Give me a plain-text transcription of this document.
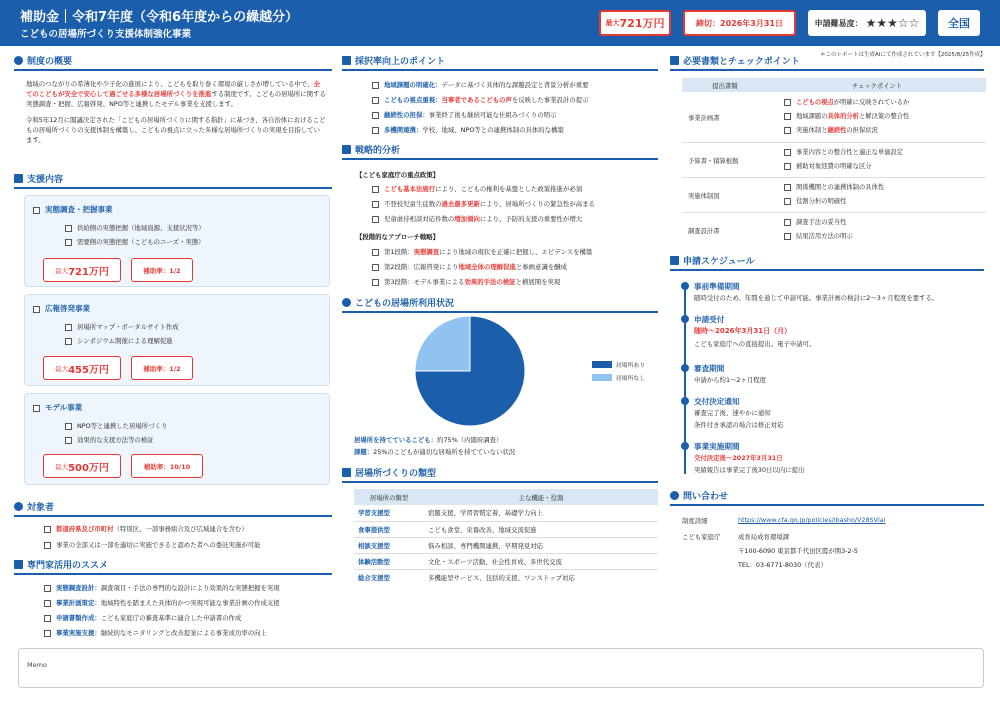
補助金｜令和7年度（令和6年度からの繰越分）
こどもの居場所づくり支援体制強化事業
最大 721万円	締切：2026年3月31日	申請難易度： ★★★☆☆	全国
＊このレポートは生成AIにて作成されています【2025/8/25作成】
制度の概要
地域のつながりの希薄化や少子化の進展により、こどもを取り巻く環境の厳しさが増している中で、全てのこどもが安全で安心して過ごせる多様な居場所づくりを推進する制度です。こどもの居場所に関する実態調査・把握、広報啓発、NPO等と連携したモデル事業を支援します。
令和5年12月に閣議決定された「こどもの居場所づくりに関する指針」に基づき、各自治体におけるこどもの居場所づくりの支援体制を構築し、こどもの視点に立った多様な居場所づくりの実現を目指しています。
支援内容
実態調査・把握事業
供給側の実態把握（地域資源、支援状況等）
需要側の実態把握（こどものニーズ・実態）
最大 721万円	補助率：1/2
広報啓発事業
居場所マップ・ポータルサイト作成
シンポジウム開催による理解促進
最大 455万円	補助率：1/2
モデル事業
NPO等と連携した居場所づくり
効果的な支援方法等の検証
最大 500万円	補助率：10/10
対象者
都道府県及び市町村（特別区、一部事務組合及び広域連合を含む）
事業の全部又は一部を適切に実施できると認めた者への委託実施が可能
専門家活用のススメ
実態調査設計：調査項目・手法の専門的な設計により効果的な実態把握を実現
事業計画策定：地域特性を踏まえた具体的かつ実現可能な事業計画の作成支援
申請書類作成：こども家庭庁の審査基準に適合した申請書の作成
事業実施支援：継続的なモニタリングと改善提案による事業成功率の向上
採択率向上のポイント
地域課題の明確化：データに基づく具体的な課題設定と背景分析が重要
こどもの視点重視：当事者であるこどもの声を反映した事業設計の提示
継続性の担保：事業終了後も継続可能な仕組みづくりの明示
多機関連携：学校、地域、NPO等との連携体制の具体的な構築
戦略的分析
【こども家庭庁の重点政策】
こども基本法施行により、こどもの権利を基盤とした政策推進が必須
不登校児童生徒数の過去最多更新により、居場所づくりの緊急性が高まる
児童虐待相談対応件数の増加傾向により、予防的支援の重要性が増大
【段階的なアプローチ戦略】
第1段階：実態調査により地域の現状を正確に把握し、エビデンスを構築
第2段階：広報啓発により地域全体の理解促進と参画意識を醸成
第3段階：モデル事業による効果的手法の検証と横展開を実現
こどもの居場所利用状況
居場所あり
居場所なし
居場所を持てているこども：約75%（内閣府調査）
課題：25%のこどもが適切な居場所を持てていない状況
居場所づくりの類型
居場所の類型	主な機能・役割
学習支援型	宿題支援、学習習慣定着、基礎学力向上
食事提供型	こども食堂、栄養改善、地域交流促進
相談支援型	悩み相談、専門機関連携、早期発見対応
体験活動型	文化・スポーツ活動、社会性育成、多世代交流
総合支援型	多機能型サービス、包括的支援、ワンストップ対応
必要書類とチェックポイント
提出書類	チェックポイント
事業計画書	こどもの視点が明確に反映されているか
地域課題の具体的分析と解決策の整合性
実施体制と継続性の担保状況

予算書・積算根拠	事業内容との整合性と適正な単価設定
補助対象経費の明確な区分

実施体制図	関係機関との連携体制の具体性
役割分担の明確性

調査設計書	調査手法の妥当性
結果活用方法の明示
申請スケジュール
事前準備期間
随時受付のため、年間を通じて申請可能。事業計画の検討に2〜3ヶ月程度を要する。
申請受付
随時〜2026年3月31日（月）
こども家庭庁への直接提出。電子申請可。
審査期間
申請から約1〜2ヶ月程度
交付決定通知
審査完了後、速やかに通知
条件付き承認の場合は修正対応
事業実施期間
交付決定後〜2027年3月31日
実績報告は事業完了後30日以内に提出
問い合わせ
制度詳細	https://www.cfa.go.jp/policies/ibasho/V28SVlai
こども家庭庁	成育局成育環境課
〒100-6090 東京都千代田区霞が関3-2-5
TEL：03-6771-8030（代表）
Memo
